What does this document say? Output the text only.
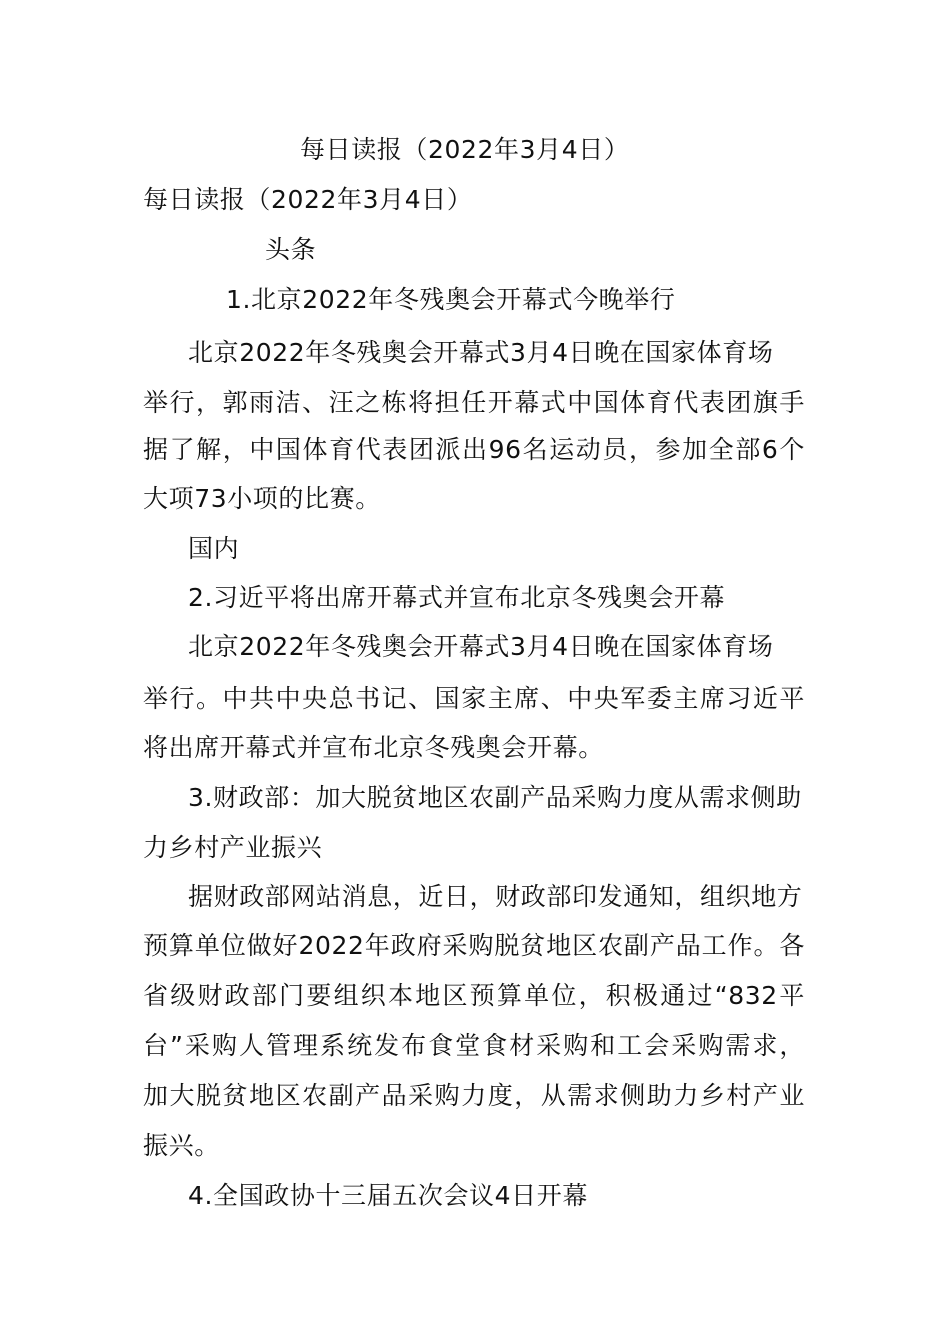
每日读报（2022年3月4日）

每日读报（2022年3月4日）

头条

1.北京2022年冬残奥会开幕式今晚举行

北京2022年冬残奥会开幕式3月4日晚在国家体育场

举行，郭雨洁、汪之栋将担任开幕式中国体育代表团旗手

据了解，中国体育代表团派出96名运动员，参加全部6个

大项73小项的比赛。

国内

2.习近平将出席开幕式并宣布北京冬残奥会开幕

北京2022年冬残奥会开幕式3月4日晚在国家体育场

举行。中共中央总书记、国家主席、中央军委主席习近平

将出席开幕式并宣布北京冬残奥会开幕。

3.财政部：加大脱贫地区农副产品采购力度从需求侧助

力乡村产业振兴

据财政部网站消息，近日，财政部印发通知，组织地方

预算单位做好2022年政府采购脱贫地区农副产品工作。各

省级财政部门要组织本地区预算单位，积极通过“832平

台”采购人管理系统发布食堂食材采购和工会采购需求，

加大脱贫地区农副产品采购力度，从需求侧助力乡村产业

振兴。

4.全国政协十三届五次会议4日开幕
